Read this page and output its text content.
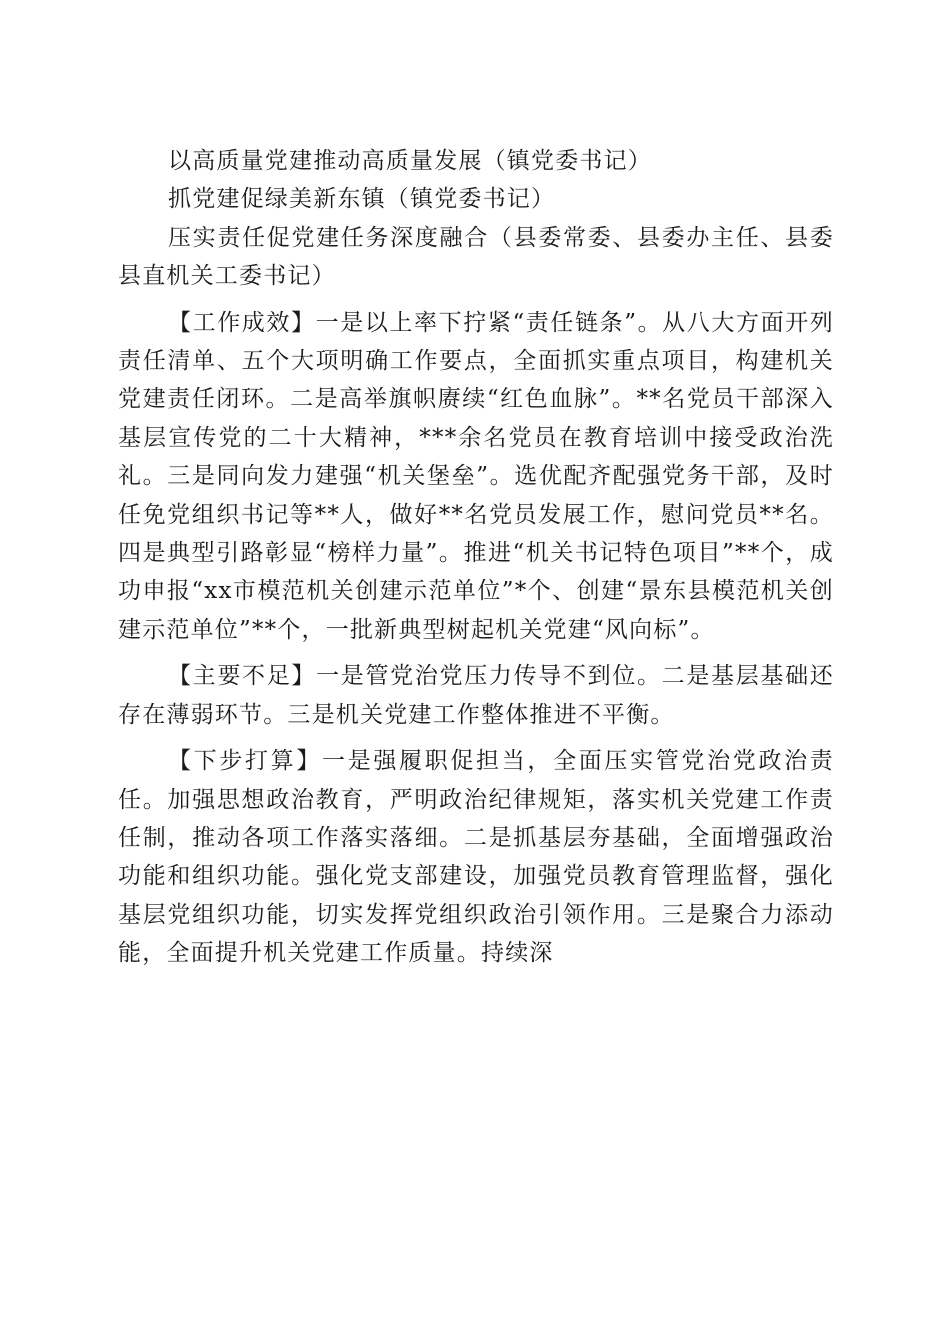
以高质量党建推动高质量发展（镇党委书记）

抓党建促绿美新东镇（镇党委书记）

压实责任促党建任务深度融合（县委常委、县委办主任、县委县直机关工委书记）

【工作成效】一是以上率下拧紧“责任链条”。从八大方面开列责任清单、五个大项明确工作要点，全面抓实重点项目，构建机关党建责任闭环。二是高举旗帜赓续“红色血脉”。**名党员干部深入基层宣传党的二十大精神，***余名党员在教育培训中接受政治洗礼。三是同向发力建强“机关堡垒”。选优配齐配强党务干部，及时任免党组织书记等**人，做好**名党员发展工作，慰问党员**名。四是典型引路彰显“榜样力量”。推进“机关书记特色项目”**个，成功申报“xx市模范机关创建示范单位”*个、创建“景东县模范机关创建示范单位”**个，一批新典型树起机关党建“风向标”。

【主要不足】一是管党治党压力传导不到位。二是基层基础还存在薄弱环节。三是机关党建工作整体推进不平衡。

【下步打算】一是强履职促担当，全面压实管党治党政治责任。加强思想政治教育，严明政治纪律规矩，落实机关党建工作责任制，推动各项工作落实落细。二是抓基层夯基础，全面增强政治功能和组织功能。强化党支部建设，加强党员教育管理监督，强化基层党组织功能，切实发挥党组织政治引领作用。三是聚合力添动能，全面提升机关党建工作质量。持续深
